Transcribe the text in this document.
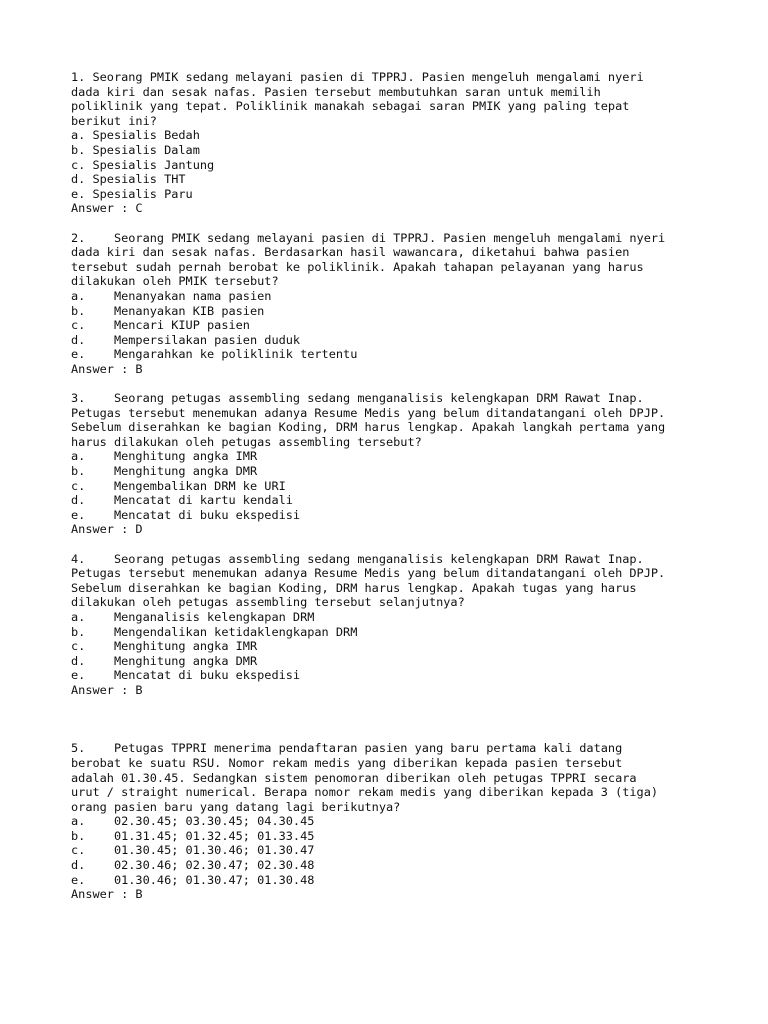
1. Seorang PMIK sedang melayani pasien di TPPRJ. Pasien mengeluh mengalami nyeri
dada kiri dan sesak nafas. Pasien tersebut membutuhkan saran untuk memilih
poliklinik yang tepat. Poliklinik manakah sebagai saran PMIK yang paling tepat
berikut ini?
a. Spesialis Bedah
b. Spesialis Dalam
c. Spesialis Jantung
d. Spesialis THT
e. Spesialis Paru
Answer : C
2.    Seorang PMIK sedang melayani pasien di TPPRJ. Pasien mengeluh mengalami nyeri
dada kiri dan sesak nafas. Berdasarkan hasil wawancara, diketahui bahwa pasien
tersebut sudah pernah berobat ke poliklinik. Apakah tahapan pelayanan yang harus
dilakukan oleh PMIK tersebut?
a.    Menanyakan nama pasien
b.    Menanyakan KIB pasien
c.    Mencari KIUP pasien
d.    Mempersilakan pasien duduk
e.    Mengarahkan ke poliklinik tertentu
Answer : B
3.    Seorang petugas assembling sedang menganalisis kelengkapan DRM Rawat Inap.
Petugas tersebut menemukan adanya Resume Medis yang belum ditandatangani oleh DPJP.
Sebelum diserahkan ke bagian Koding, DRM harus lengkap. Apakah langkah pertama yang
harus dilakukan oleh petugas assembling tersebut?
a.    Menghitung angka IMR
b.    Menghitung angka DMR
c.    Mengembalikan DRM ke URI
d.    Mencatat di kartu kendali
e.    Mencatat di buku ekspedisi
Answer : D
4.    Seorang petugas assembling sedang menganalisis kelengkapan DRM Rawat Inap.
Petugas tersebut menemukan adanya Resume Medis yang belum ditandatangani oleh DPJP.
Sebelum diserahkan ke bagian Koding, DRM harus lengkap. Apakah tugas yang harus
dilakukan oleh petugas assembling tersebut selanjutnya?
a.    Menganalisis kelengkapan DRM
b.    Mengendalikan ketidaklengkapan DRM
c.    Menghitung angka IMR
d.    Menghitung angka DMR
e.    Mencatat di buku ekspedisi
Answer : B
5.    Petugas TPPRI menerima pendaftaran pasien yang baru pertama kali datang
berobat ke suatu RSU. Nomor rekam medis yang diberikan kepada pasien tersebut
adalah 01.30.45. Sedangkan sistem penomoran diberikan oleh petugas TPPRI secara
urut / straight numerical. Berapa nomor rekam medis yang diberikan kepada 3 (tiga)
orang pasien baru yang datang lagi berikutnya?
a.    02.30.45; 03.30.45; 04.30.45
b.    01.31.45; 01.32.45; 01.33.45
c.    01.30.45; 01.30.46; 01.30.47
d.    02.30.46; 02.30.47; 02.30.48
e.    01.30.46; 01.30.47; 01.30.48
Answer : B
